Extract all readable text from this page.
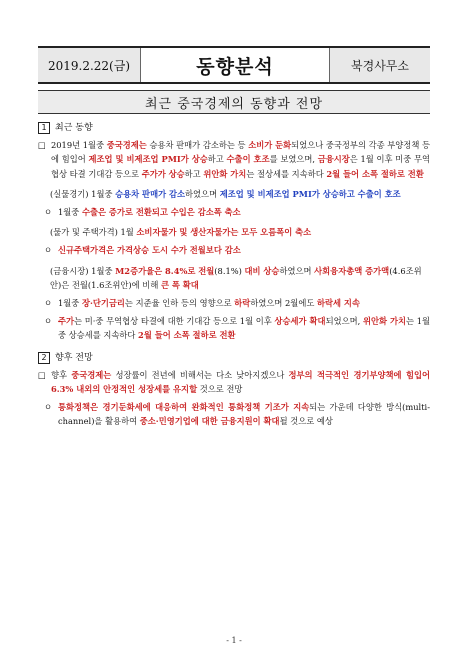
2019.2.22(금)	동향분석	북경사무소
최근 중국경제의 동향과 전망
1 최근 동향
□ 2019년 1월중 중국경제는 승용차 판매가 감소하는 등 소비가 둔화되었으나 중국정부의 각종 부양정책 등에 힘입어 제조업 및 비제조업 PMI가 상승하고 수출이 호조를 보였으며, 금융시장은 1월 이후 미중 무역협상 타결 기대감 등으로 주가가 상승하고 위안화 가치는 절상세를 지속하다 2월 들어 소폭 절하로 전환
(실물경기) 1월중 승용차 판매가 감소하였으며 제조업 및 비제조업 PMI가 상승하고 수출이 호조
ㅇ 1월중 수출은 증가로 전환되고 수입은 감소폭 축소
(물가 및 주택가격) 1월 소비자물가 및 생산자물가는 모두 오름폭이 축소
ㅇ 신규주택가격은 가격상승 도시 수가 전월보다 감소
(금융시장) 1월중 M2증가율은 8.4%로 전월(8.1%) 대비 상승하였으며 사회융자총액 증가액(4.6조위안)은 전월(1.6조위안)에 비해 큰 폭 확대
ㅇ 1월중 장·단기금리는 지준율 인하 등의 영향으로 하락하였으며 2월에도 하락세 지속
ㅇ 주가는 미·중 무역협상 타결에 대한 기대감 등으로 1월 이후 상승세가 확대되었으며, 위안화 가치는 1월중 상승세를 지속하다 2월 들어 소폭 절하로 전환
2 향후 전망
□ 향후 중국경제는 성장률이 전년에 비해서는 다소 낮아지겠으나 정부의 적극적인 경기부양책에 힘입어 6.3% 내외의 안정적인 성장세를 유지할 것으로 전망
ㅇ 통화정책은 경기둔화세에 대응하여 완화적인 통화정책 기조가 지속되는 가운데 다양한 방식(multi-channel)을 활용하여 중소·민영기업에 대한 금융지원이 확대될 것으로 예상
- 1 -
